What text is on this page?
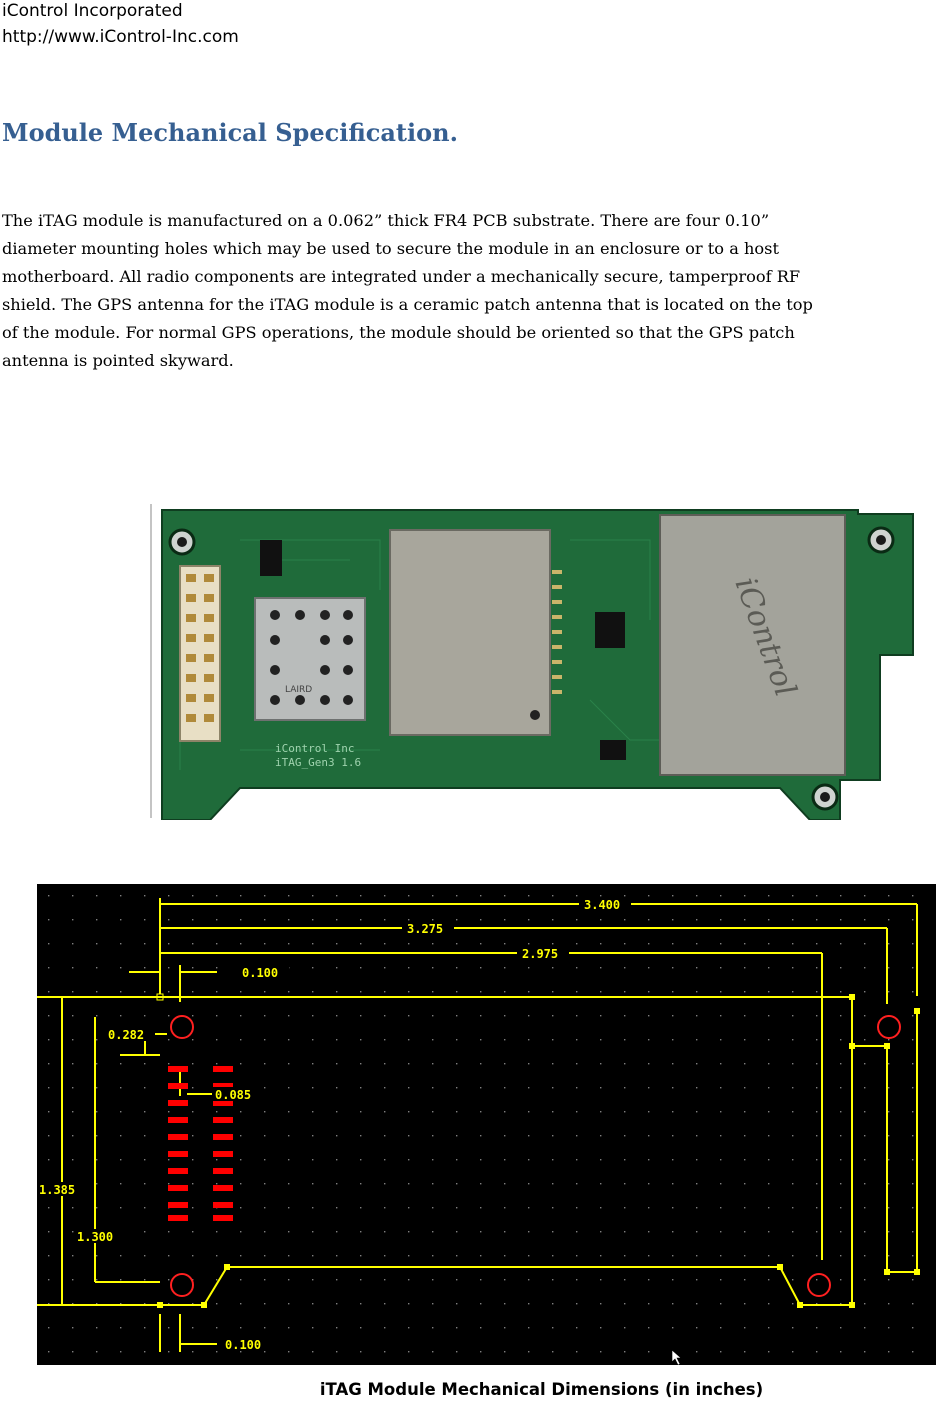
iControl Incorporated
http://www.iControl-Inc.com
Module Mechanical Specification.
The iTAG module is manufactured on a 0.062” thick FR4 PCB substrate. There are four 0.10”
diameter mounting holes which may be used to secure the module in an enclosure or to a host
motherboard. All radio components are integrated under a mechanically secure, tamperproof RF
shield. The GPS antenna for the iTAG module is a ceramic patch antenna that is located on the top
of the module. For normal GPS operations, the module should be oriented so that the GPS patch
antenna is pointed skyward.
LAIRD	iControl
iControl Inc
iTAG_Gen3 1.6
3.400
3.275
2.975
0.100
0.282
0.085
1.385
1.300
0.100
iTAG Module Mechanical Dimensions (in inches)
